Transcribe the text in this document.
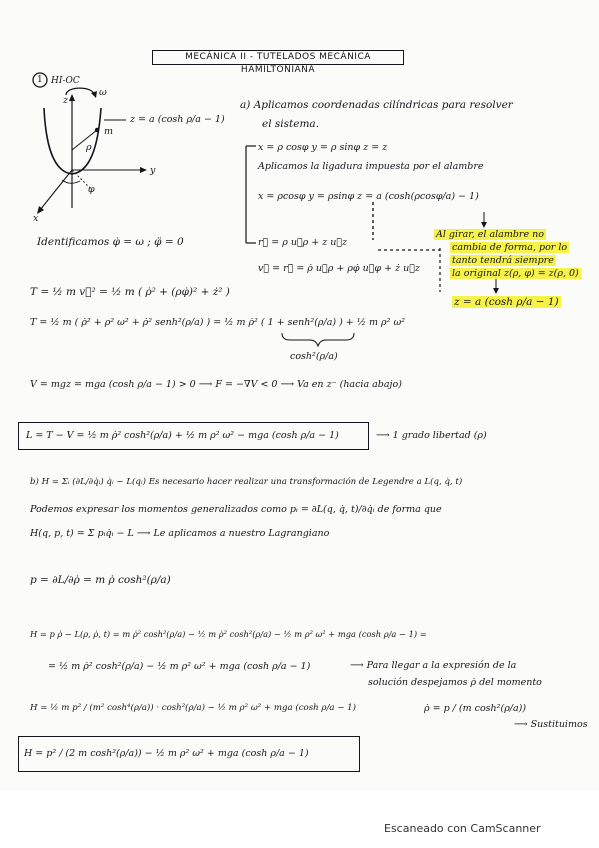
MECÁNICA II - TUTELADOS MECÁNICA HAMILTONIANA

1 HI-OC

ω

z

y

x

m

ρ

φ

z = a (cosh ρ/a − 1)

Identificamos φ̇ = ω ; φ̈ = 0

a) Aplicamos coordenadas cilíndricas para resolver

el sistema.

x = ρ cosφ y = ρ sinφ z = z

Aplicamos la ligadura impuesta por el alambre

x = ρcosφ y = ρsinφ z = a (cosh(ρcosφ/a) − 1)

r⃗ = ρ u⃗ρ + z u⃗z

v⃗ = r⃗̇ = ρ̇ u⃗ρ + ρφ̇ u⃗φ + ż u⃗z

Al girar, el alambre no

cambia de forma, por lo

tanto tendrá siempre

la original z(ρ, φ) = z(ρ, 0)

z = a (cosh ρ/a − 1)

T = ½ m v⃗² = ½ m ( ρ̇² + (ρφ̇)² + ż² )

T = ½ m ( ρ̇² + ρ² ω² + ρ̇² senh²(ρ/a) ) = ½ m ρ̇² ( 1 + senh²(ρ/a) ) + ½ m ρ² ω²

cosh²(ρ/a)

V = mgz = mga (cosh ρ/a − 1) > 0 ⟶ F = −∇V < 0 ⟶ Va en z⁻ (hacia abajo)

L = T − V = ½ m ρ̇² cosh²(ρ/a) + ½ m ρ² ω² − mga (cosh ρ/a − 1)	⟶ 1 grado libertad (ρ)

b) H = Σᵢ (∂L/∂q̇ᵢ) q̇ᵢ − L(qᵢ) Es necesario hacer realizar una transformación de Legendre a L(q, q̇, t)

Podemos expresar los momentos generalizados como pᵢ = ∂L(q, q̇, t)/∂q̇ᵢ de forma que

H(q, p, t) = Σ pᵢq̇ᵢ − L ⟶ Le aplicamos a nuestro Lagrangiano

p = ∂L/∂ρ̇ = m ρ̇ cosh²(ρ/a)

H = p ρ̇ − L(ρ, ρ̇, t) = m ρ̇² cosh²(ρ/a) − ½ m ρ̇² cosh²(ρ/a) − ½ m ρ² ω² + mga (cosh ρ/a − 1) =

= ½ m ρ̇² cosh²(ρ/a) − ½ m ρ² ω² + mga (cosh ρ/a − 1)	⟶ Para llegar a la expresión de la

solución despejamos ρ̇ del momento

H = ½ m p² / (m² cosh⁴(ρ/a)) · cosh²(ρ/a) − ½ m ρ² ω² + mga (cosh ρ/a − 1)	ρ̇ = p / (m cosh²(ρ/a))

⟶ Sustituimos

H = p² / (2 m cosh²(ρ/a)) − ½ m ρ² ω² + mga (cosh ρ/a − 1)

Escaneado con CamScanner
